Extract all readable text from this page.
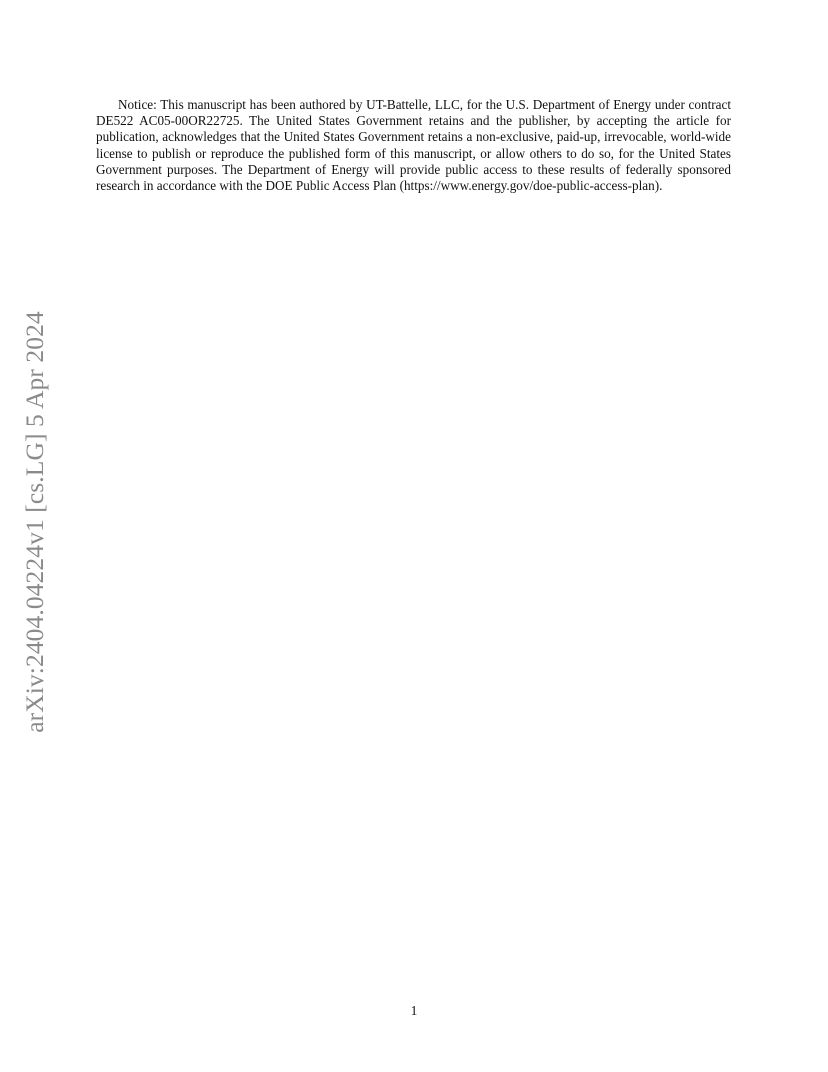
arXiv:2404.04224v1 [cs.LG] 5 Apr 2024

Notice: This manuscript has been authored by UT-Battelle, LLC, for the U.S. Department of Energy under contract DE522 AC05-00OR22725. The United States Government retains and the publisher, by accepting the article for publication, acknowledges that the United States Government retains a non-exclusive, paid-up, irrevocable, world-wide license to publish or reproduce the published form of this manuscript, or allow others to do so, for the United States Government purposes. The Department of Energy will provide public access to these results of federally sponsored research in accordance with the DOE Public Access Plan (https://www.energy.gov/doe-public-access-plan).

1
